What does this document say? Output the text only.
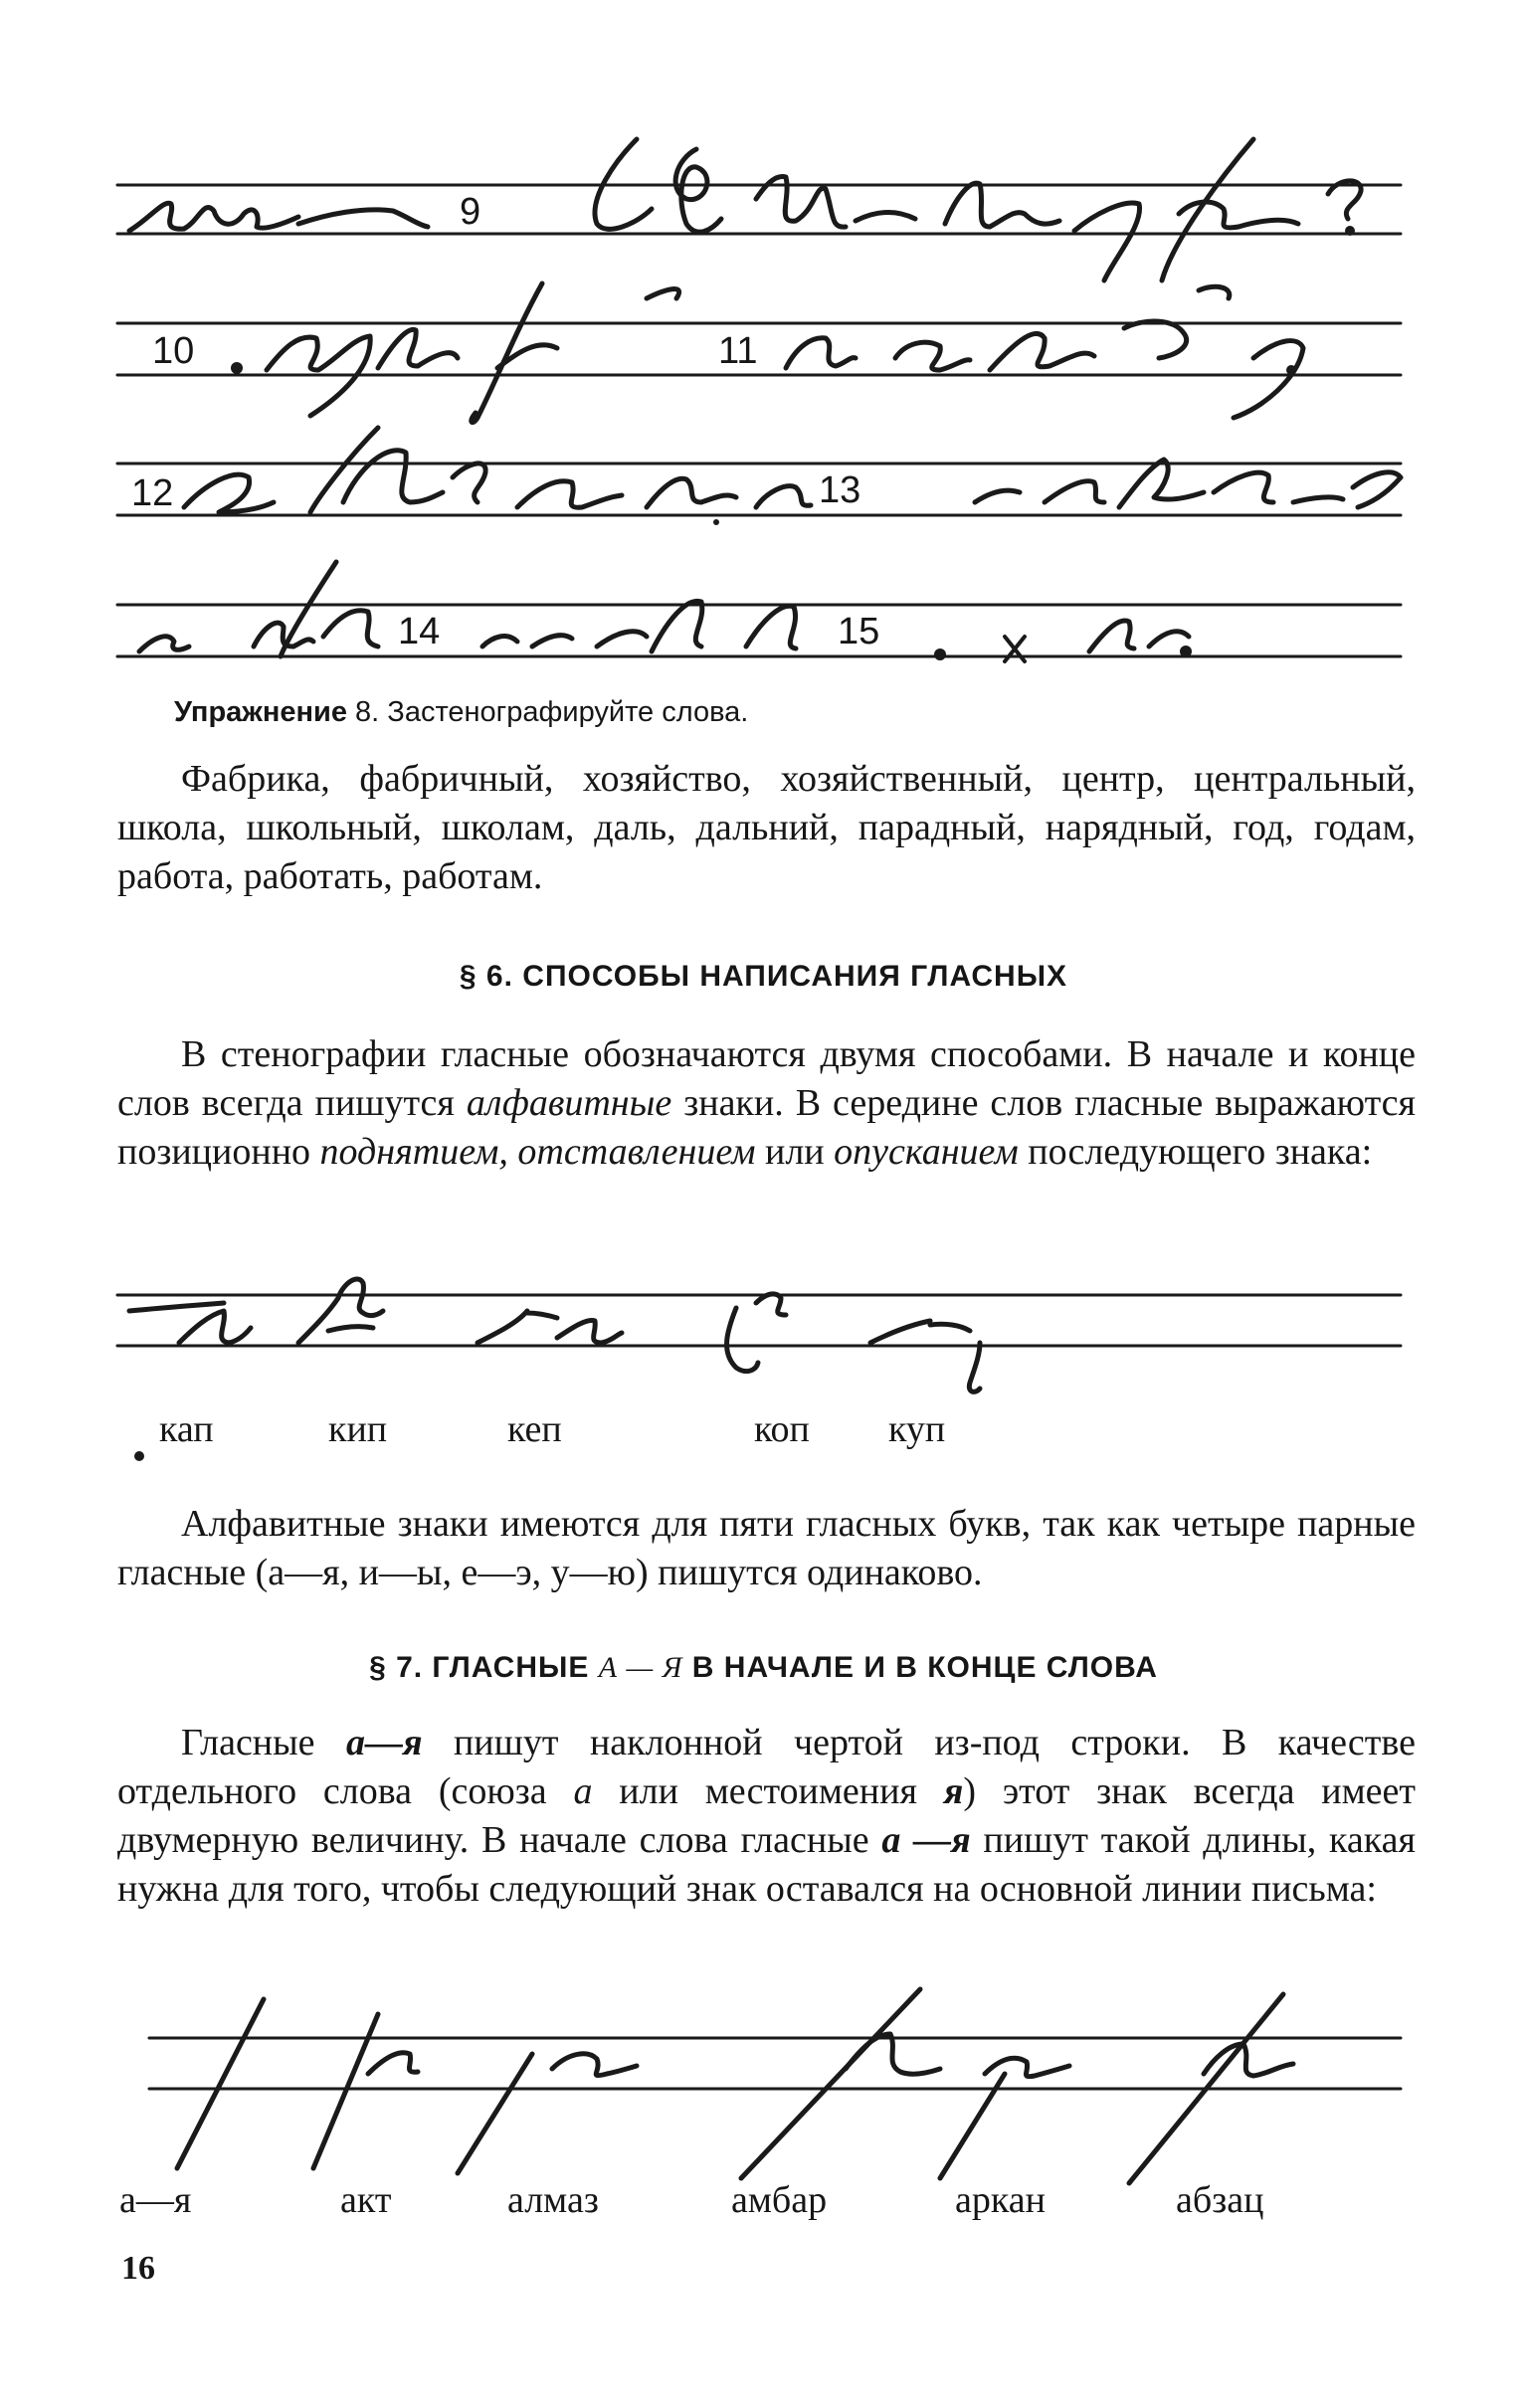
9
10	11
12	13
14	15
Упражнение 8. Застенографируйте слова.
Фабрика, фабричный, хозяйство, хозяйственный, центр, центральный, школа, школьный, школам, даль, дальний, парадный, нарядный, год, годам, работа, работать, работам.
§ 6. СПОСОБЫ НАПИСАНИЯ ГЛАСНЫХ
В стенографии гласные обозначаются двумя способами. В начале и конце слов всегда пишутся алфавитные знаки. В середине слов гласные выражаются позиционно поднятием, отставлением или опусканием последующего знака:
кап	кип	кеп	коп куп
Алфавитные знаки имеются для пяти гласных букв, так как четыре парные гласные (а—я, и—ы, е—э, у—ю) пишутся одинаково.
§ 7. ГЛАСНЫЕ А — Я В НАЧАЛЕ И В КОНЦЕ СЛОВА
Гласные а—я пишут наклонной чертой из-под строки. В качестве отдельного слова (союза а или местоимения я) этот знак всегда имеет двумерную величину. В начале слова гласные а —я пишут такой длины, какая нужна для того, чтобы следующий знак оставался на основной линии письма:
а—я	акт	алмаз	амбар	аркан	абзац
16
